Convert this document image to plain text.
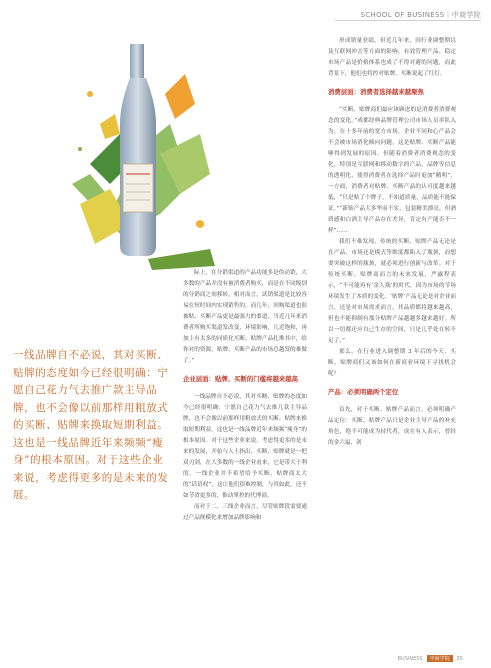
SCHOOL OF BUSINESS｜中商学院
一线品牌自不必说，其对买断、贴牌的态度如今已经很明确：宁愿自己花力气去推广款主导品牌，也不会像以前那样用粗放式的买断、贴牌来换取短期利益。这也是一线品牌近年来频频“瘦身”的根本原因。对于这些企业来说，考虑得更多的是未来的发展。

际上，在分销渠道的产品功能多是伪动销，大多数的产品并没有被消费者购买，而是在不同级别的分销商之间移转，相对而言，试销渠道是比较容易在短时间内实现销售的。而几年，回购渠道也很被贴、买断产品更是最强力的要道，当近几年来消费者所购买渠道发改变，环境影响，几近饱和，再加上有太多的同质化买断、贴牌产品扎堆其中，给你对的资源，贴牌、买断产品的市场总越发的难做了。”

企业层面：贴牌、买断的门槛将越来越高

一线品牌自不必说，其对买断、贴牌的态度如今已经很明确：宁愿自己花力气去推几款主导品牌，也不会像以前那样用粗放式的买断、贴牌来换取短期利益。这也是一线品牌近年来频频“瘦身”的根本原因。对于这些企业来说，考虑得更多的是未来的发展，开始与人士指出，买断、贴牌就是一把双刃剑，在大多数的一线企业看来，它是带大于利的。一线企业并不希望给予买断、贴牌商太大的“话语权”，这让他们很难控制，与其如此，还不如节省更多的，推动掌控的代理商。

而对于二、三线企业而言，尽管贴牌段需要通过产品规模化来增加品牌影响和

形成销量业绩，但近几年来，因行业调整期以及互联网冲击等方面的影响，有效管理产品、稳定市场产品是价格体系也成了不得对避的问题，而此背景下，他们也将控对贴牌、买断说起了红灯。

消费层面：消费者选择越来越聚焦

“买断、贴牌商们最应该顾虑的是消费者消费观念的变化。”成都经典品牌管理公司市场人员率队入为，在十多年前的宽方市场，企业不同和心产品会不会被市场消化倾向问题，这是贴牌、买断产品能够得到发展的原因，但随着消费者消费观念的变化，特别是互联网和移动数字的产品，品牌等信息的透明化，使得消费者在选择产品时更加“精明”，一方面，消费者对贴牌、买断产品的认可度越来越低，“只是贴了个牌子，不知道质量，品质能不能保证。”“新贴产品大多华而不实，包装精美漂亮，但酒质感和白酒主导产品存在差异，肯定有产能否不一样”……

我们不难发现，传统的买断、贴牌产品无论是在产品、市场还是模式等维度都陷入了瓶颈，而想要突破这样的瓶颈，就必须进行创新与改革。对于传统买断、贴牌商而言的未来发展，严露程表示，“不可能再有‘金人瓶’的时代，因为市场的节场环境发生了本质的变化。‘贴牌’产品无论是对企业而言，还是对市场需求而言，其品质都将越来越高，但也不能抑制有那分贴牌产品越越多越来越好。所以一切都还应自己生存的空间，只是几乎处在转不足了。”

那么，在行业进入调整期 3 年后的今天，买断、贴牌商们又该如何在新商业环境下寻找机会呢？

产品：必须明确两个定位

首先，对于买断、贴牌产品而言，必须明确产品定位：买断、贴牌产品只是企业主导产品的补充角色，绝不可能成为持代者，成在有人表示，曾经的金六福、剑

BUSINESS	中商学院	35
